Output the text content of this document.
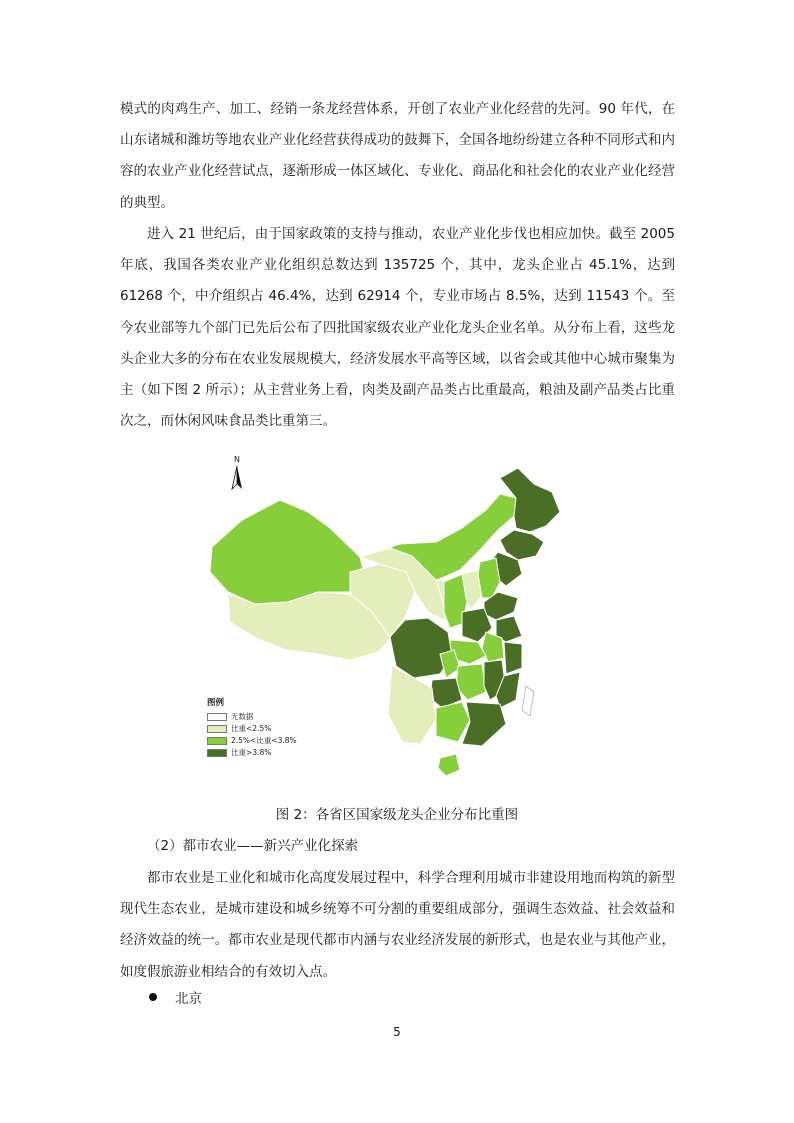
模式的肉鸡生产、加工、经销一条龙经营体系，开创了农业产业化经营的先河。90 年代，在山东诸城和潍坊等地农业产业化经营获得成功的鼓舞下，全国各地纷纷建立各种不同形式和内容的农业产业化经营试点，逐渐形成一体区域化、专业化、商品化和社会化的农业产业化经营的典型。

进入 21 世纪后，由于国家政策的支持与推动，农业产业化步伐也相应加快。截至 2005 年底，我国各类农业产业化组织总数达到 135725 个，其中，龙头企业占 45.1%，达到61268 个，中介组织占 46.4%，达到 62914 个，专业市场占 8.5%，达到 11543 个。至今农业部等九个部门已先后公布了四批国家级农业产业化龙头企业名单。从分布上看，这些龙头企业大多的分布在农业发展规模大，经济发展水平高等区域，以省会或其他中心城市聚集为主（如下图 2 所示）；从主营业务上看，肉类及副产品类占比重最高，粮油及副产品类占比重次之，而休闲风味食品类比重第三。

N
图例
无数据
比重<2.5%
2.5%<比重<3.8%
比重>3.8%
图 2：各省区国家级龙头企业分布比重图
（2）都市农业——新兴产业化探索

都市农业是工业化和城市化高度发展过程中，科学合理利用城市非建设用地而构筑的新型现代生态农业，是城市建设和城乡统筹不可分割的重要组成部分，强调生态效益、社会效益和经济效益的统一。都市农业是现代都市内涵与农业经济发展的新形式，也是农业与其他产业，如度假旅游业相结合的有效切入点。

北京
5
